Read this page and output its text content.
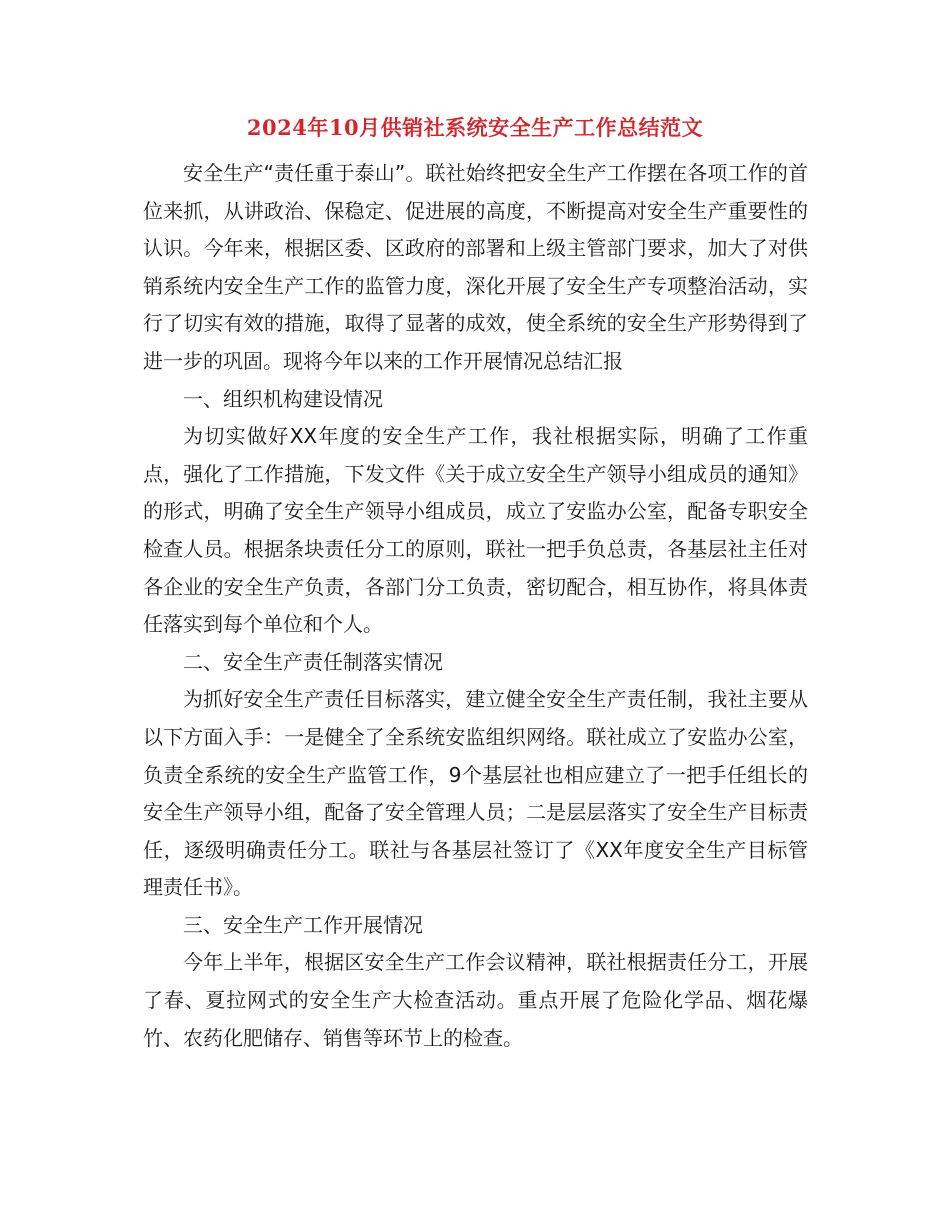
2024年10月供销社系统安全生产工作总结范文

安全生产“责任重于泰山”。联社始终把安全生产工作摆在各项工作的首位来抓，从讲政治、保稳定、促进展的高度，不断提高对安全生产重要性的认识。今年来，根据区委、区政府的部署和上级主管部门要求，加大了对供销系统内安全生产工作的监管力度，深化开展了安全生产专项整治活动，实行了切实有效的措施，取得了显著的成效，使全系统的安全生产形势得到了进一步的巩固。现将今年以来的工作开展情况总结汇报

一、组织机构建设情况

为切实做好XX年度的安全生产工作，我社根据实际，明确了工作重点，强化了工作措施，下发文件《关于成立安全生产领导小组成员的通知》的形式，明确了安全生产领导小组成员，成立了安监办公室，配备专职安全检查人员。根据条块责任分工的原则，联社一把手负总责，各基层社主任对各企业的安全生产负责，各部门分工负责，密切配合，相互协作，将具体责任落实到每个单位和个人。

二、安全生产责任制落实情况

为抓好安全生产责任目标落实，建立健全安全生产责任制，我社主要从以下方面入手：一是健全了全系统安监组织网络。联社成立了安监办公室，负责全系统的安全生产监管工作，9个基层社也相应建立了一把手任组长的安全生产领导小组，配备了安全管理人员；二是层层落实了安全生产目标责任，逐级明确责任分工。联社与各基层社签订了《XX年度安全生产目标管理责任书》。

三、安全生产工作开展情况

今年上半年，根据区安全生产工作会议精神，联社根据责任分工，开展了春、夏拉网式的安全生产大检查活动。重点开展了危险化学品、烟花爆竹、农药化肥储存、销售等环节上的检查。
